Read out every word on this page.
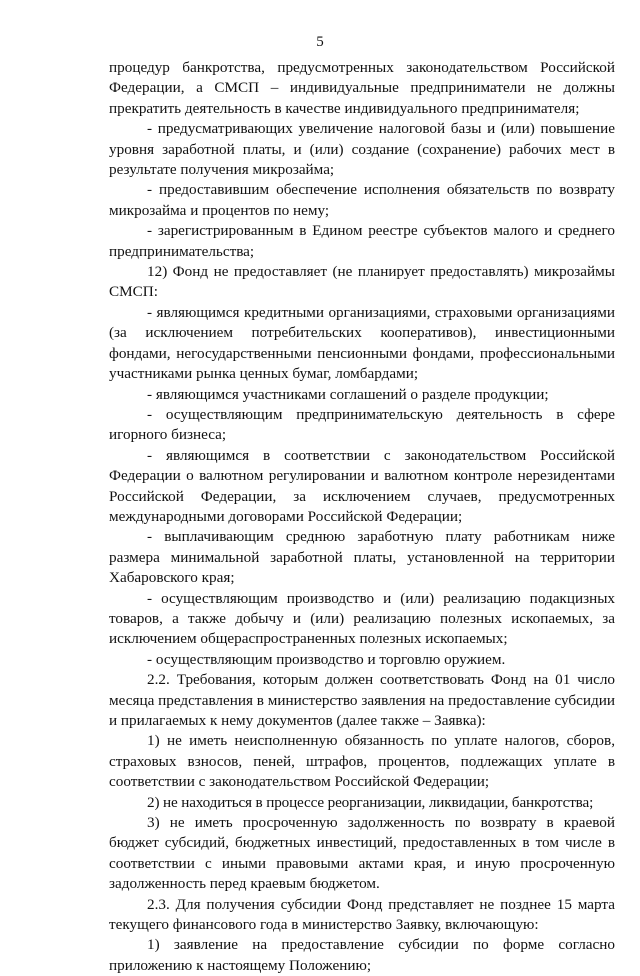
5

процедур банкротства, предусмотренных законодательством Российской Федерации, а СМСП – индивидуальные предприниматели не должны прекратить деятельность в качестве индивидуального предпринимателя;

- предусматривающих увеличение налоговой базы и (или) повышение уровня заработной платы, и (или) создание (сохранение) рабочих мест в результате получения микрозайма;

- предоставившим обеспечение исполнения обязательств по возврату микрозайма и процентов по нему;

- зарегистрированным в Едином реестре субъектов малого и среднего предпринимательства;

12) Фонд не предоставляет (не планирует предоставлять) микрозаймы СМСП:

- являющимся кредитными организациями, страховыми организациями (за исключением потребительских кооперативов), инвестиционными фондами, негосударственными пенсионными фондами, профессиональными участниками рынка ценных бумаг, ломбардами;

- являющимся участниками соглашений о разделе продукции;

- осуществляющим предпринимательскую деятельность в сфере игорного бизнеса;

- являющимся в соответствии с законодательством Российской Федерации о валютном регулировании и валютном контроле нерезидентами Российской Федерации, за исключением случаев, предусмотренных международными договорами Российской Федерации;

- выплачивающим среднюю заработную плату работникам ниже размера минимальной заработной платы, установленной на территории Хабаровского края;

- осуществляющим производство и (или) реализацию подакцизных товаров, а также добычу и (или) реализацию полезных ископаемых, за исключением общераспространенных полезных ископаемых;

- осуществляющим производство и торговлю оружием.

2.2. Требования, которым должен соответствовать Фонд на 01 число месяца представления в министерство заявления на предоставление субсидии и прилагаемых к нему документов (далее также – Заявка):

1) не иметь неисполненную обязанность по уплате налогов, сборов, страховых взносов, пеней, штрафов, процентов, подлежащих уплате в соответствии с законодательством Российской Федерации;

2) не находиться в процессе реорганизации, ликвидации, банкротства;

3) не иметь просроченную задолженность по возврату в краевой бюджет субсидий, бюджетных инвестиций, предоставленных в том числе в соответствии с иными правовыми актами края, и иную просроченную задолженность перед краевым бюджетом.

2.3. Для получения субсидии Фонд представляет не позднее 15 марта текущего финансового года в министерство Заявку, включающую:

1) заявление на предоставление субсидии по форме согласно приложению к настоящему Положению;
